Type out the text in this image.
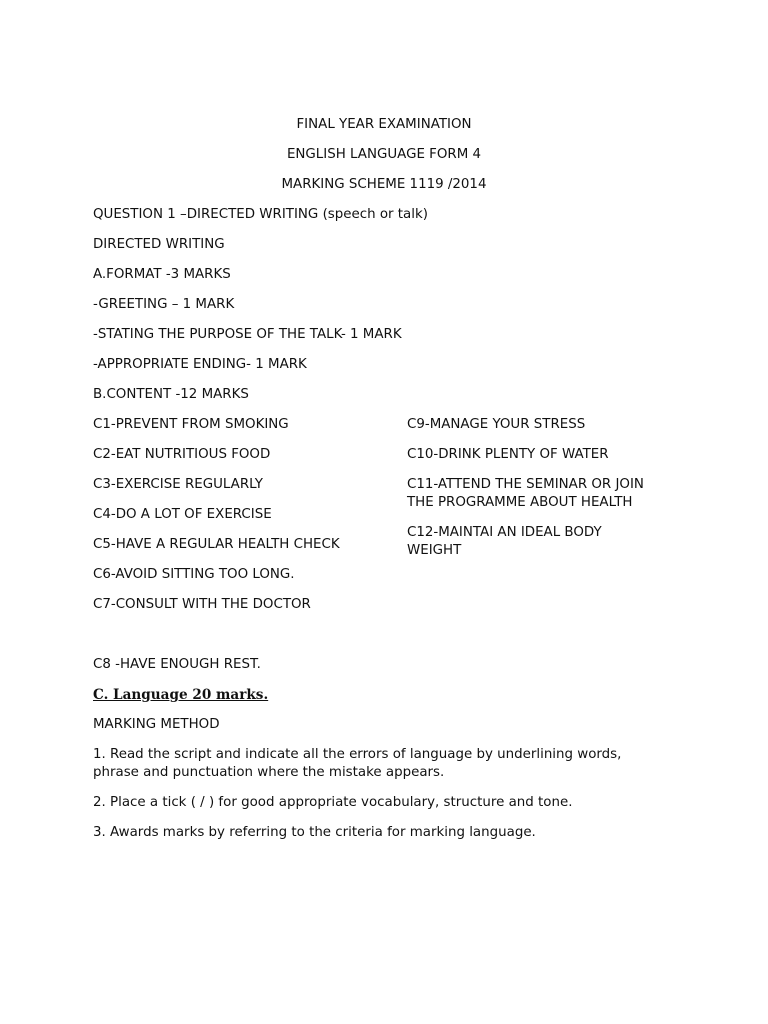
FINAL YEAR EXAMINATION
ENGLISH LANGUAGE FORM 4
MARKING SCHEME 1119 /2014
QUESTION 1 –DIRECTED WRITING (speech or talk)
DIRECTED WRITING
A.FORMAT -3 MARKS
-GREETING – 1 MARK
-STATING THE PURPOSE OF THE TALK- 1 MARK
-APPROPRIATE ENDING- 1 MARK
B.CONTENT -12 MARKS
C1-PREVENT FROM SMOKING
C2-EAT NUTRITIOUS FOOD
C3-EXERCISE REGULARLY
C4-DO A LOT OF EXERCISE
C5-HAVE A REGULAR HEALTH CHECK
C6-AVOID SITTING TOO LONG.
C7-CONSULT WITH THE DOCTOR
C9-MANAGE YOUR STRESS
C10-DRINK PLENTY OF WATER
C11-ATTEND THE SEMINAR OR JOIN THE PROGRAMME ABOUT HEALTH
C12-MAINTAI AN IDEAL BODY WEIGHT
C8 -HAVE ENOUGH REST.
C. Language 20 marks.
MARKING METHOD
1. Read the script and indicate all the errors of language by underlining words, phrase and punctuation where the mistake appears.
2. Place a tick ( / ) for good appropriate vocabulary, structure and tone.
3. Awards marks by referring to the criteria for marking language.
